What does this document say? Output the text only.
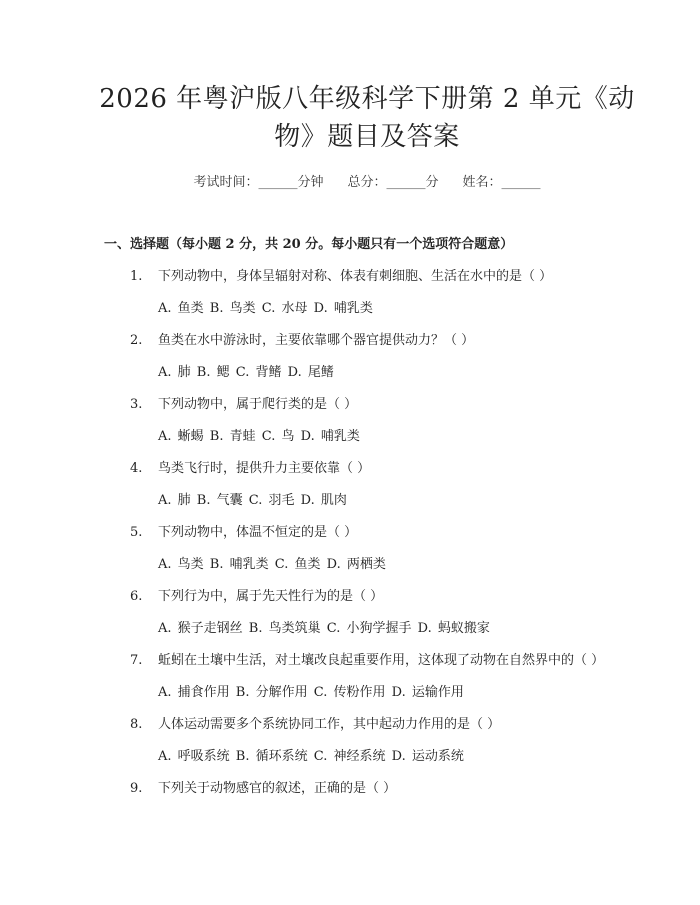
2026 年粤沪版八年级科学下册第 2 单元《动物》题目及答案
考试时间：______分钟 总分：______分 姓名：______
一、选择题（每小题 2 分，共 20 分。每小题只有一个选项符合题意）
1. 下列动物中，身体呈辐射对称、体表有刺细胞、生活在水中的是（ ）
A. 鱼类 B. 鸟类 C. 水母 D. 哺乳类
2. 鱼类在水中游泳时，主要依靠哪个器官提供动力？（ ）
A. 肺 B. 鳃 C. 背鳍 D. 尾鳍
3. 下列动物中，属于爬行类的是（ ）
A. 蜥蜴 B. 青蛙 C. 鸟 D. 哺乳类
4. 鸟类飞行时，提供升力主要依靠（ ）
A. 肺 B. 气囊 C. 羽毛 D. 肌肉
5. 下列动物中，体温不恒定的是（ ）
A. 鸟类 B. 哺乳类 C. 鱼类 D. 两栖类
6. 下列行为中，属于先天性行为的是（ ）
A. 猴子走钢丝 B. 鸟类筑巢 C. 小狗学握手 D. 蚂蚁搬家
7. 蚯蚓在土壤中生活，对土壤改良起重要作用，这体现了动物在自然界中的（ ）
A. 捕食作用 B. 分解作用 C. 传粉作用 D. 运输作用
8. 人体运动需要多个系统协同工作，其中起动力作用的是（ ）
A. 呼吸系统 B. 循环系统 C. 神经系统 D. 运动系统
9. 下列关于动物感官的叙述，正确的是（ ）
